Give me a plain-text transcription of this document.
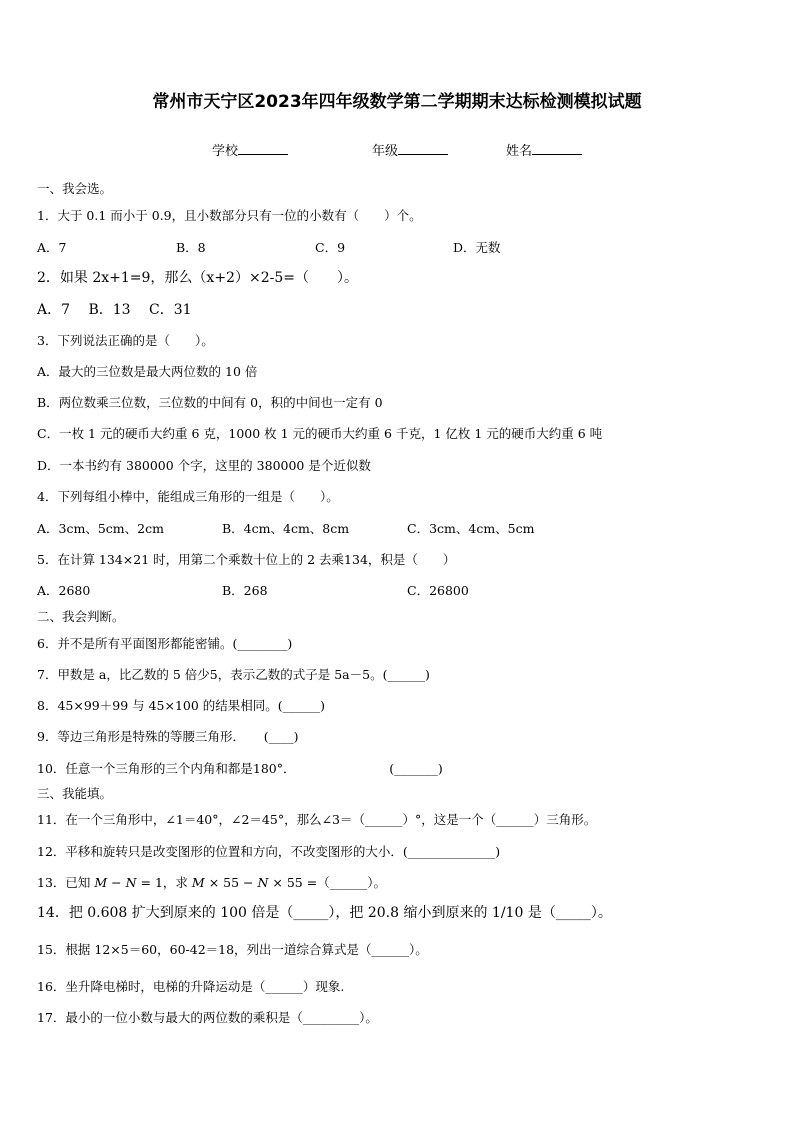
常州市天宁区2023年四年级数学第二学期期末达标检测模拟试题
学校	年级	姓名
一、我会选。
1．大于 0.1 而小于 0.9，且小数部分只有一位的小数有（　　）个。
A．7	B．8	C．9	D．无数
2．如果 2x+1=9，那么（x+2）×2-5=（　　）。
A．7　 B．13　 C．31
3．下列说法正确的是（　　）。
A．最大的三位数是最大两位数的 10 倍
B．两位数乘三位数，三位数的中间有 0，积的中间也一定有 0
C．一枚 1 元的硬币大约重 6 克，1000 枚 1 元的硬币大约重 6 千克，1 亿枚 1 元的硬币大约重 6 吨
D．一本书约有 380000 个字，这里的 380000 是个近似数
4．下列每组小棒中，能组成三角形的一组是（　　）。
A．3cm、5cm、2cm	B．4cm、4cm、8cm	C．3cm、4cm、5cm
5．在计算 134×21 时，用第二个乘数十位上的 2 去乘134，积是（　　）
A．2680	B．268	C．26800
二、我会判断。
6．并不是所有平面图形都能密铺。(________)
7．甲数是 a，比乙数的 5 倍少5，表示乙数的式子是 5a－5。(______)
8．45×99＋99 与 45×100 的结果相同。(______)
9．等边三角形是特殊的等腰三角形．　　(____)
10．任意一个三角形的三个内角和都是180°．　　　　　　　　(_______)
三、我能填。
11．在一个三角形中，∠1＝40°，∠2＝45°，那么∠3＝（______）°，这是一个（______）三角形。
12．平移和旋转只是改变图形的位置和方向，不改变图形的大小．(______________)
13．已知 M − N = 1，求 M × 55 − N × 55 =（______）。
14．把 0.608 扩大到原来的 100 倍是（_____），把 20.8 缩小到原来的 1/10 是（_____）。
15．根据 12×5＝60，60-42＝18，列出一道综合算式是（______）。
16．坐升降电梯时，电梯的升降运动是（______）现象.
17．最小的一位小数与最大的两位数的乘积是（_________）。
